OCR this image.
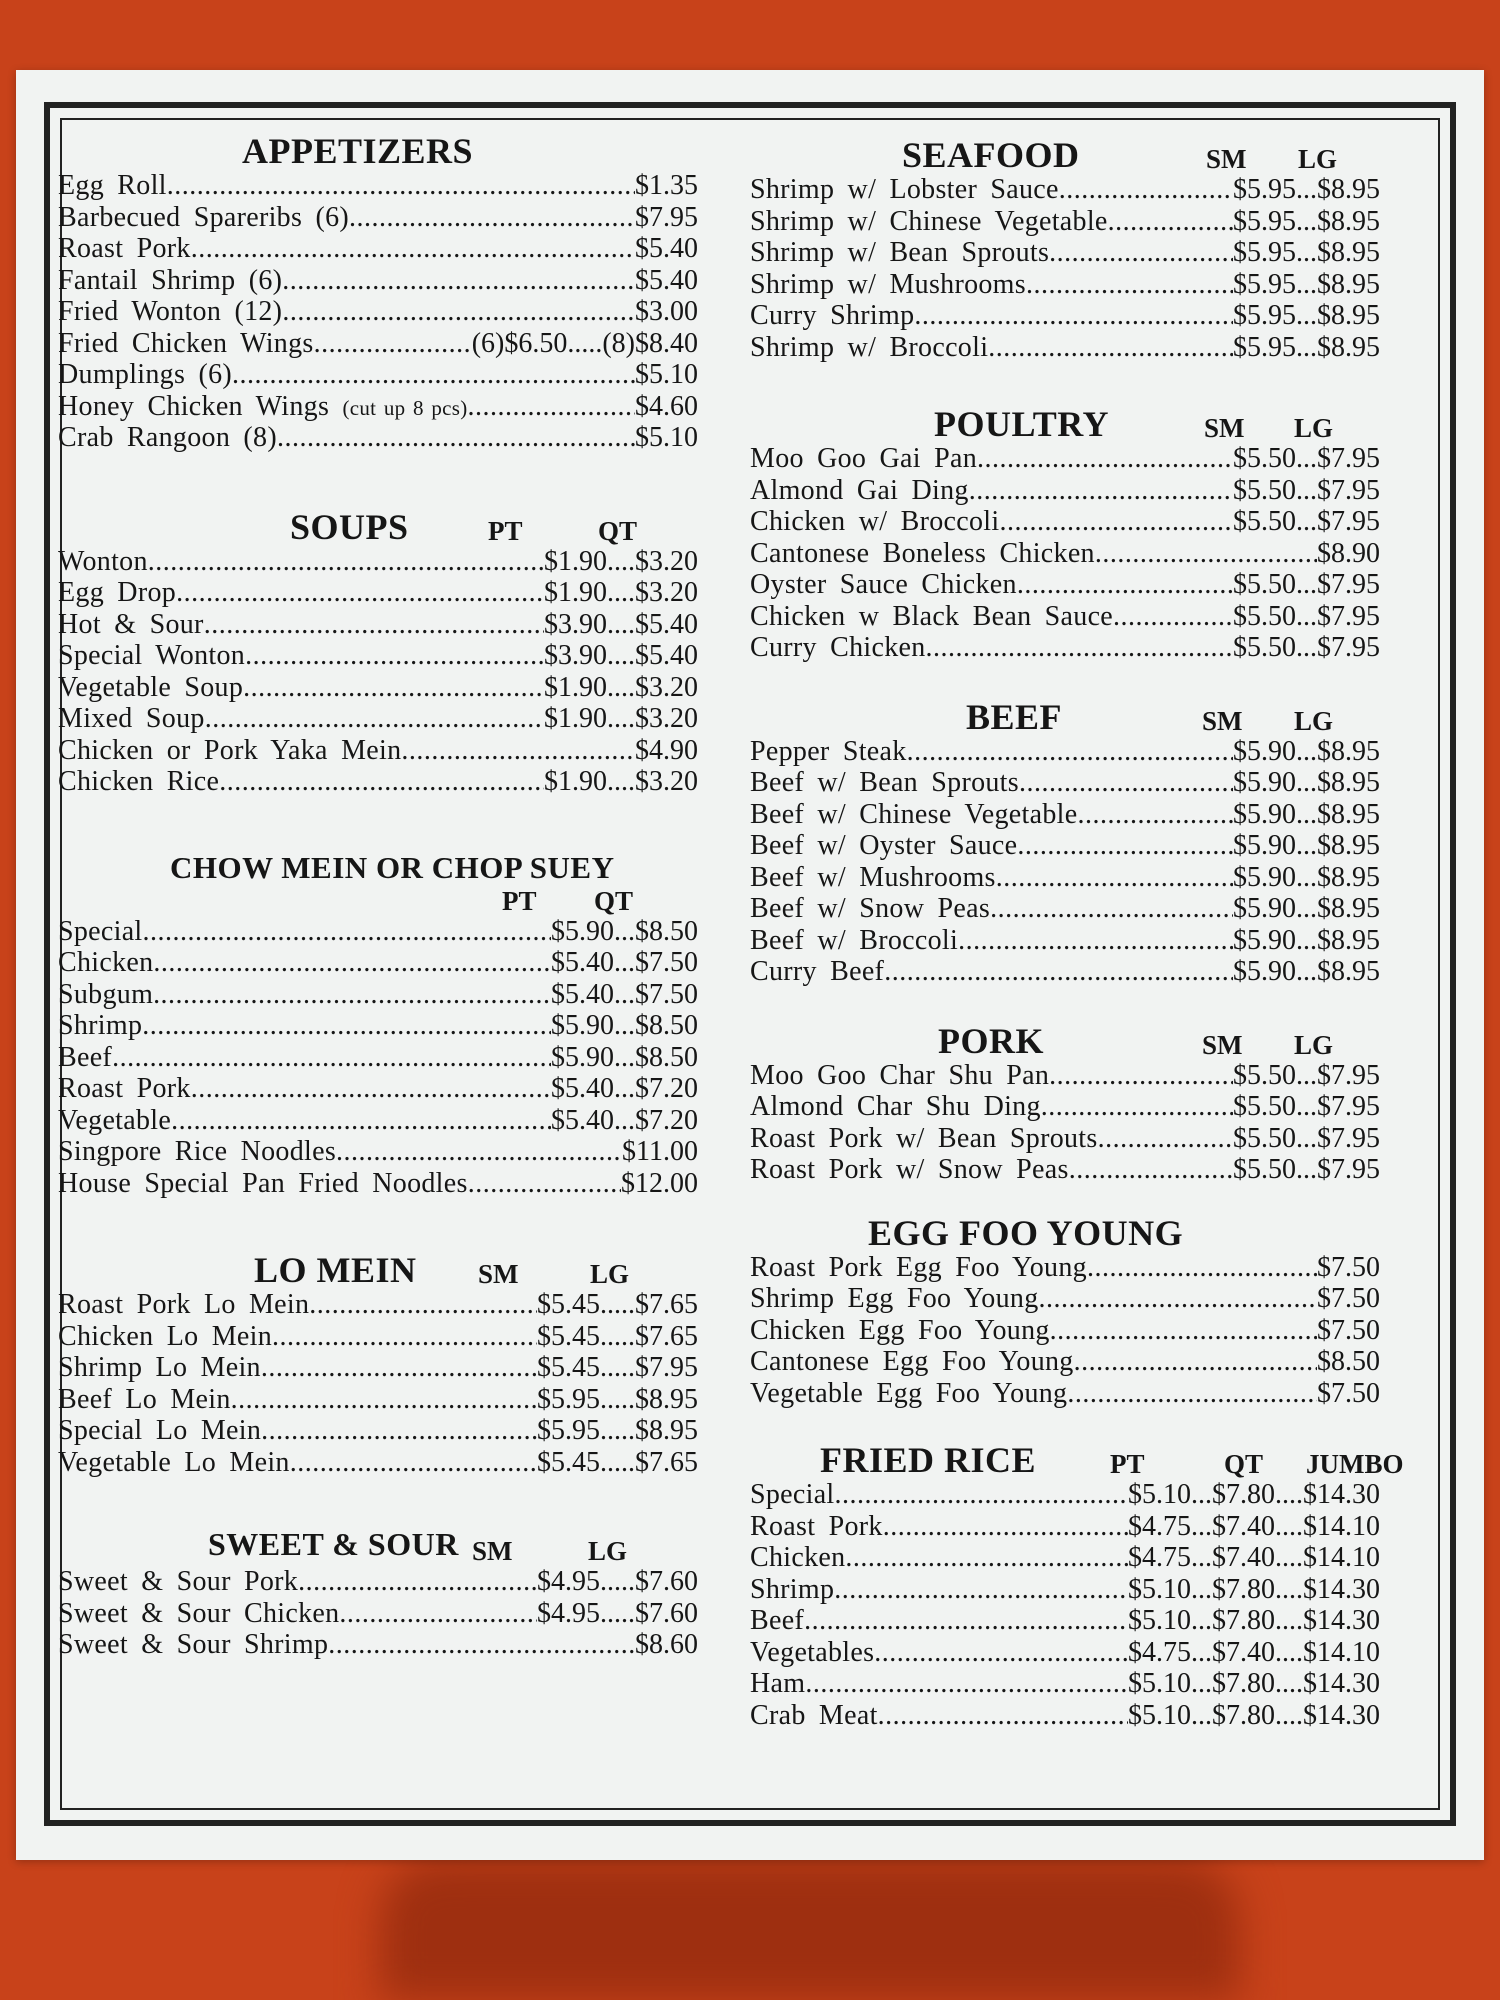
APPETIZERS
Egg Roll .....	$1.35
Barbecued Spareribs (6) .....	$7.95
Roast Pork .....	$5.40
Fantail Shrimp (6) .....	$5.40
Fried Wonton (12) .....	$3.00
Fried Chicken Wings .....	(6)$6.50.....(8)$8.40
Dumplings (6) .....	$5.10
Honey Chicken Wings (cut up 8 pcs) .....	$4.60
Crab Rangoon (8) .....	$5.10
SOUPS	PT	QT
Wonton .....	$1.90....$3.20
Egg Drop .....	$1.90....$3.20
Hot & Sour .....	$3.90....$5.40
Special Wonton .....	$3.90....$5.40
Vegetable Soup .....	$1.90....$3.20
Mixed Soup .....	$1.90....$3.20
Chicken or Pork Yaka Mein .....	$4.90
Chicken Rice .....	$1.90....$3.20
CHOW MEIN OR CHOP SUEY
PT QT
Special .....	$5.90...$8.50
Chicken .....	$5.40...$7.50
Subgum. .....	$5.40...$7.50
Shrimp .....	$5.90...$8.50
Beef .....	$5.90...$8.50
Roast Pork .....	$5.40...$7.20
Vegetable .....	$5.40...$7.20
Singpore Rice Noodles .....	$11.00
House Special Pan Fried Noodles .....	$12.00
LO MEIN SM	LG
Roast Pork Lo Mein .....	$5.45.....$7.65
Chicken Lo Mein .....	$5.45.....$7.65
Shrimp Lo Mein .....	$5.45.....$7.95
Beef Lo Mein .....	$5.95.....$8.95
Special Lo Mein .....	$5.95.....$8.95
Vegetable Lo Mein .....	$5.45.....$7.65
SWEET & SOUR SM	LG
Sweet & Sour Pork .....	$4.95.....$7.60
Sweet & Sour Chicken .....	$4.95.....$7.60
Sweet & Sour Shrimp .....	$8.60
SEAFOOD	SM LG
Shrimp w/ Lobster Sauce .....	$5.95...$8.95
Shrimp w/ Chinese Vegetable .....	$5.95...$8.95
Shrimp w/ Bean Sprouts .....	$5.95...$8.95
Shrimp w/ Mushrooms .....	$5.95...$8.95
Curry Shrimp .....	$5.95...$8.95
Shrimp w/ Broccoli .....	$5.95...$8.95
POULTRY	SM LG
Moo Goo Gai Pan .....	$5.50...$7.95
Almond Gai Ding .....	$5.50...$7.95
Chicken w/ Broccoli .....	$5.50...$7.95
Cantonese Boneless Chicken .....	$8.90
Oyster Sauce Chicken .....	$5.50...$7.95
Chicken w Black Bean Sauce .....	$5.50...$7.95
Curry Chicken .....	$5.50...$7.95
BEEF	SM LG
Pepper Steak .....	$5.90...$8.95
Beef w/ Bean Sprouts .....	$5.90...$8.95
Beef w/ Chinese Vegetable .....	$5.90...$8.95
Beef w/ Oyster Sauce .....	$5.90...$8.95
Beef w/ Mushrooms .....	$5.90...$8.95
Beef w/ Snow Peas .....	$5.90...$8.95
Beef w/ Broccoli .....	$5.90...$8.95
Curry Beef .....	$5.90...$8.95
PORK	SM LG
Moo Goo Char Shu Pan .....	$5.50...$7.95
Almond Char Shu Ding .....	$5.50...$7.95
Roast Pork w/ Bean Sprouts .....	$5.50...$7.95
Roast Pork w/ Snow Peas .....	$5.50...$7.95
EGG FOO YOUNG
Roast Pork Egg Foo Young .....	$7.50
Shrimp Egg Foo Young .....	$7.50
Chicken Egg Foo Young .....	$7.50
Cantonese Egg Foo Young .....	$8.50
Vegetable Egg Foo Young .....	$7.50
FRIED RICE	PT	QT JUMBO
Special .....	$5.10...$7.80....$14.30
Roast Pork .....	$4.75...$7.40....$14.10
Chicken .....	$4.75...$7.40....$14.10
Shrimp .....	$5.10...$7.80....$14.30
Beef .....	$5.10...$7.80....$14.30
Vegetables .....	$4.75...$7.40....$14.10
Ham .....	$5.10...$7.80....$14.30
Crab Meat .....	$5.10...$7.80....$14.30
